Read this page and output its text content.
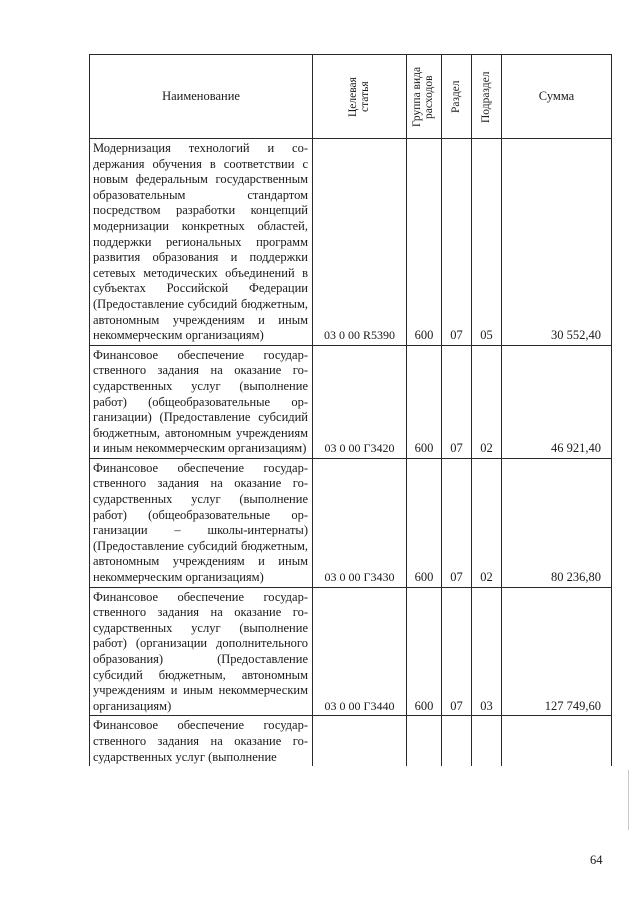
Наименование	Целевая статья	Группа вида расходов	Раздел	Подраздел	Сумма

Модернизация технологий и содержания обучения в соответствии с новым федеральным государственным образовательным стандартом посредством разработки концепций модернизации конкретных областей, поддержки региональных программ развития образования и поддержки сетевых методических объединений в субъектах Российской Федерации (Предоставление субсидий бюджетным, автономным учреждениям и иным некоммерческим организациям)	03 0 00 R5390	600	07	05	30 552,40
Финансовое обеспечение государственного задания на оказание государственных услуг (выполнение работ) (общеобразовательные организации) (Предоставление субсидий бюджетным, автономным учреждениям и иным некоммерческим организациям)	03 0 00 Г3420	600	07	02	46 921,40
Финансовое обеспечение государственного задания на оказание государственных услуг (выполнение работ) (общеобразовательные организации – школы-интернаты) (Предоставление субсидий бюджетным, автономным учреждениям и иным некоммерческим организациям)	03 0 00 Г3430	600	07	02	80 236,80
Финансовое обеспечение государственного задания на оказание государственных услуг (выполнение работ) (организации дополнительного образования) (Предоставление субсидий бюджетным, автономным учреждениям и иным некоммерческим организациям)	03 0 00 Г3440	600	07	03	127 749,60
Финансовое обеспечение государственного задания на оказание государственных услуг (выполнение					
64
